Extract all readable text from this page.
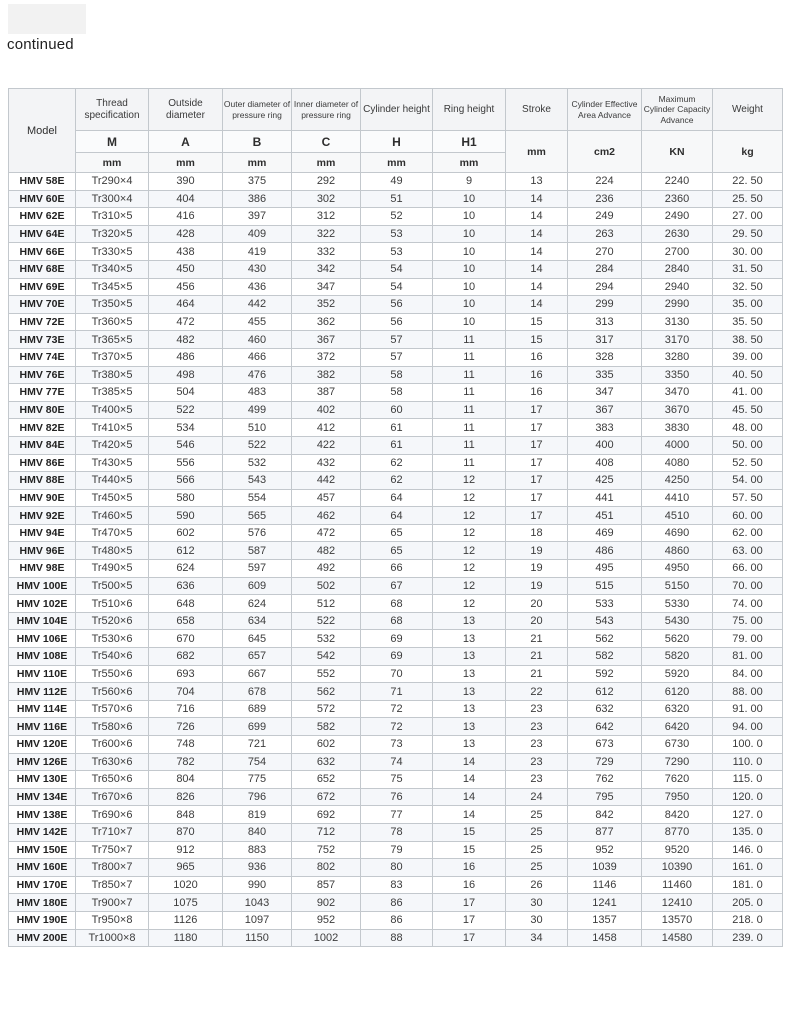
continued
Model	Thread specification	Outside diameter	Outer diameter of pressure ring	Inner diameter of pressure ring	Cylinder height	Ring height	Stroke	Cylinder Effective Area Advance	Maximum Cylinder Capacity Advance	Weight
	M	A	B	C	H	H1	mm	cm2	KN	kg
	mm	mm	mm	mm	mm	mm				
HMV 58E	Tr290×4	390	375	292	49	9	13	224	2240	22. 50
HMV 60E	Tr300×4	404	386	302	51	10	14	236	2360	25. 50
HMV 62E	Tr310×5	416	397	312	52	10	14	249	2490	27. 00
HMV 64E	Tr320×5	428	409	322	53	10	14	263	2630	29. 50
HMV 66E	Tr330×5	438	419	332	53	10	14	270	2700	30. 00
HMV 68E	Tr340×5	450	430	342	54	10	14	284	2840	31. 50
HMV 69E	Tr345×5	456	436	347	54	10	14	294	2940	32. 50
HMV 70E	Tr350×5	464	442	352	56	10	14	299	2990	35. 00
HMV 72E	Tr360×5	472	455	362	56	10	15	313	3130	35. 50
HMV 73E	Tr365×5	482	460	367	57	11	15	317	3170	38. 50
HMV 74E	Tr370×5	486	466	372	57	11	16	328	3280	39. 00
HMV 76E	Tr380×5	498	476	382	58	11	16	335	3350	40. 50
HMV 77E	Tr385×5	504	483	387	58	11	16	347	3470	41. 00
HMV 80E	Tr400×5	522	499	402	60	11	17	367	3670	45. 50
HMV 82E	Tr410×5	534	510	412	61	11	17	383	3830	48. 00
HMV 84E	Tr420×5	546	522	422	61	11	17	400	4000	50. 00
HMV 86E	Tr430×5	556	532	432	62	11	17	408	4080	52. 50
HMV 88E	Tr440×5	566	543	442	62	12	17	425	4250	54. 00
HMV 90E	Tr450×5	580	554	457	64	12	17	441	4410	57. 50
HMV 92E	Tr460×5	590	565	462	64	12	17	451	4510	60. 00
HMV 94E	Tr470×5	602	576	472	65	12	18	469	4690	62. 00
HMV 96E	Tr480×5	612	587	482	65	12	19	486	4860	63. 00
HMV 98E	Tr490×5	624	597	492	66	12	19	495	4950	66. 00
HMV 100E	Tr500×5	636	609	502	67	12	19	515	5150	70. 00
HMV 102E	Tr510×6	648	624	512	68	12	20	533	5330	74. 00
HMV 104E	Tr520×6	658	634	522	68	13	20	543	5430	75. 00
HMV 106E	Tr530×6	670	645	532	69	13	21	562	5620	79. 00
HMV 108E	Tr540×6	682	657	542	69	13	21	582	5820	81. 00
HMV 110E	Tr550×6	693	667	552	70	13	21	592	5920	84. 00
HMV 112E	Tr560×6	704	678	562	71	13	22	612	6120	88. 00
HMV 114E	Tr570×6	716	689	572	72	13	23	632	6320	91. 00
HMV 116E	Tr580×6	726	699	582	72	13	23	642	6420	94. 00
HMV 120E	Tr600×6	748	721	602	73	13	23	673	6730	100. 0
HMV 126E	Tr630×6	782	754	632	74	14	23	729	7290	110. 0
HMV 130E	Tr650×6	804	775	652	75	14	23	762	7620	115. 0
HMV 134E	Tr670×6	826	796	672	76	14	24	795	7950	120. 0
HMV 138E	Tr690×6	848	819	692	77	14	25	842	8420	127. 0
HMV 142E	Tr710×7	870	840	712	78	15	25	877	8770	135. 0
HMV 150E	Tr750×7	912	883	752	79	15	25	952	9520	146. 0
HMV 160E	Tr800×7	965	936	802	80	16	25	1039	10390	161. 0
HMV 170E	Tr850×7	1020	990	857	83	16	26	1146	11460	181. 0
HMV 180E	Tr900×7	1075	1043	902	86	17	30	1241	12410	205. 0
HMV 190E	Tr950×8	1126	1097	952	86	17	30	1357	13570	218. 0
HMV 200E	Tr1000×8	1180	1150	1002	88	17	34	1458	14580	239. 0
